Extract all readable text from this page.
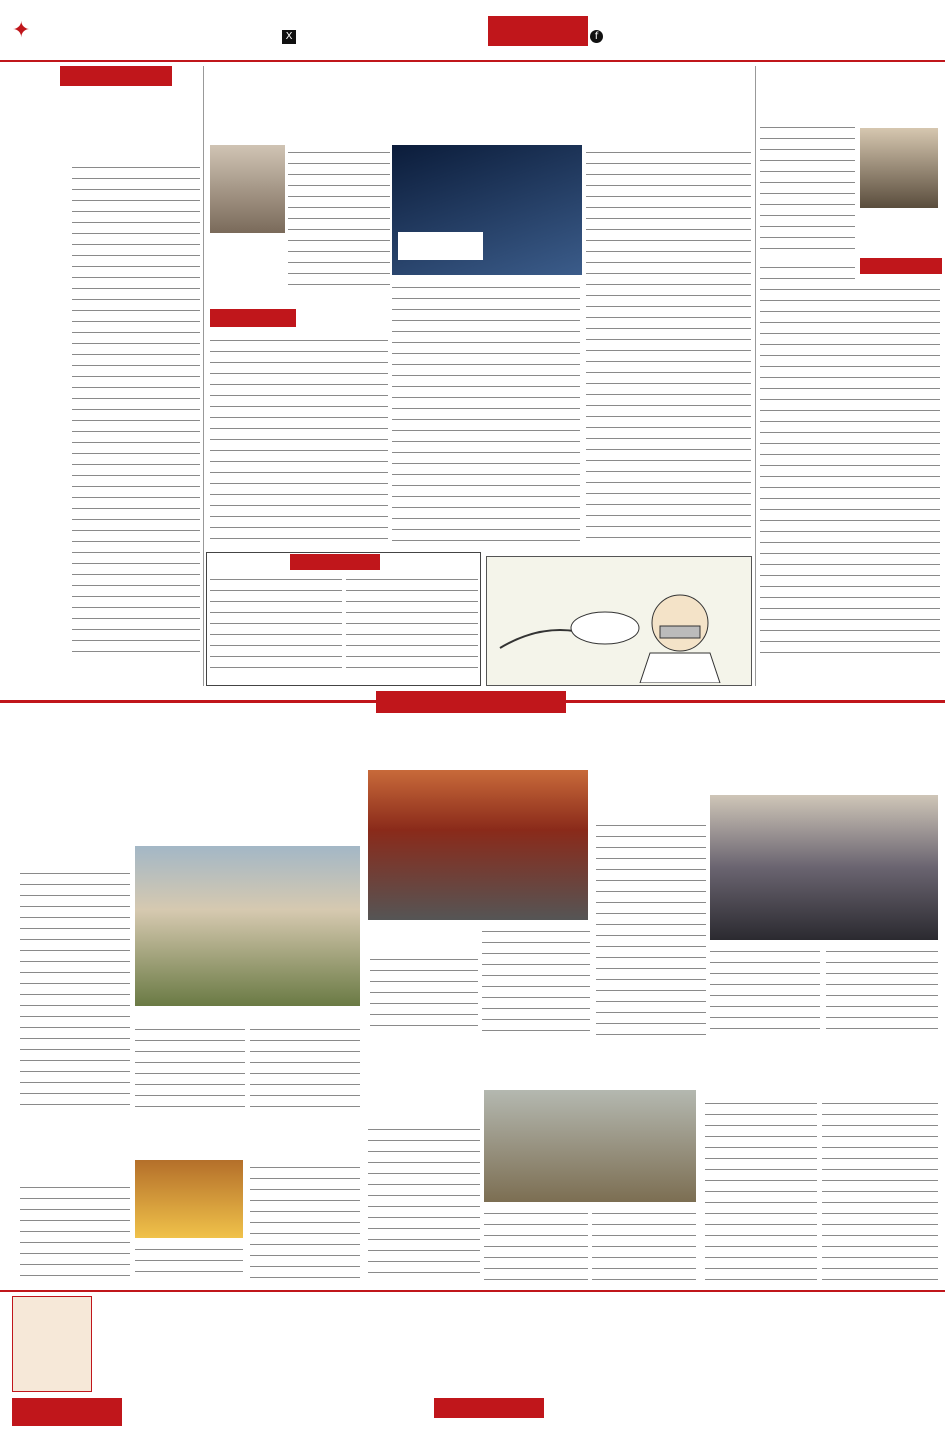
✦	X	f
